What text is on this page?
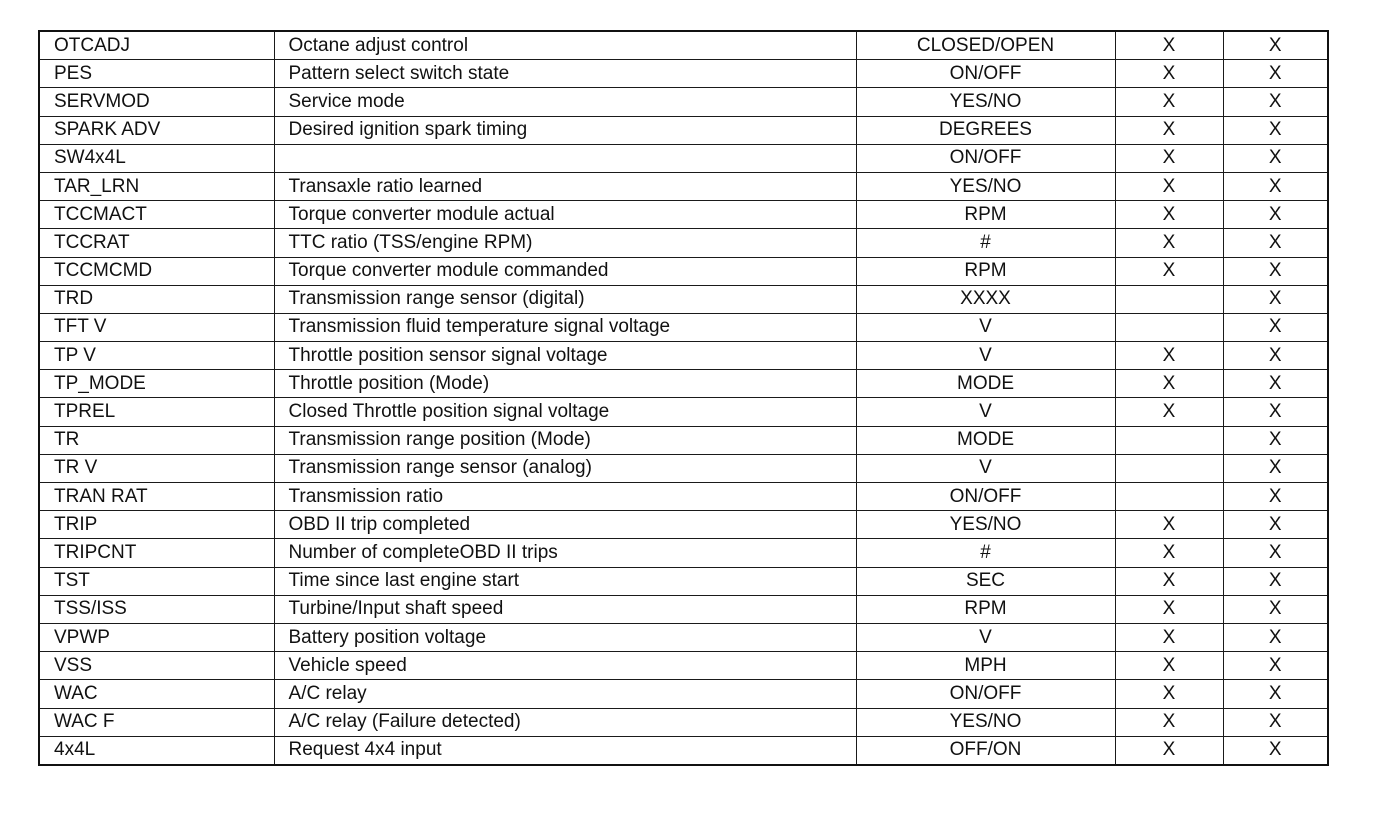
OTCADJ	Octane adjust control	CLOSED/OPEN	X	X
PES	Pattern select switch state	ON/OFF	X	X
SERVMOD	Service mode	YES/NO	X	X
SPARK ADV	Desired ignition spark timing	DEGREES	X	X
SW4x4L		ON/OFF	X	X
TAR_LRN	Transaxle ratio learned	YES/NO	X	X
TCCMACT	Torque converter module actual	RPM	X	X
TCCRAT	TTC ratio (TSS/engine RPM)	#	X	X
TCCMCMD	Torque converter module commanded	RPM	X	X
TRD	Transmission range sensor (digital)	XXXX		X
TFT V	Transmission fluid temperature signal voltage	V		X
TP V	Throttle position sensor signal voltage	V	X	X
TP_MODE	Throttle position (Mode)	MODE	X	X
TPREL	Closed Throttle position signal voltage	V	X	X
TR	Transmission range position (Mode)	MODE		X
TR V	Transmission range sensor (analog)	V		X
TRAN RAT	Transmission ratio	ON/OFF		X
TRIP	OBD II trip completed	YES/NO	X	X
TRIPCNT	Number of completeOBD II trips	#	X	X
TST	Time since last engine start	SEC	X	X
TSS/ISS	Turbine/Input shaft speed	RPM	X	X
VPWP	Battery position voltage	V	X	X
VSS	Vehicle speed	MPH	X	X
WAC	A/C relay	ON/OFF	X	X
WAC F	A/C relay (Failure detected)	YES/NO	X	X
4x4L	Request 4x4 input	OFF/ON	X	X
